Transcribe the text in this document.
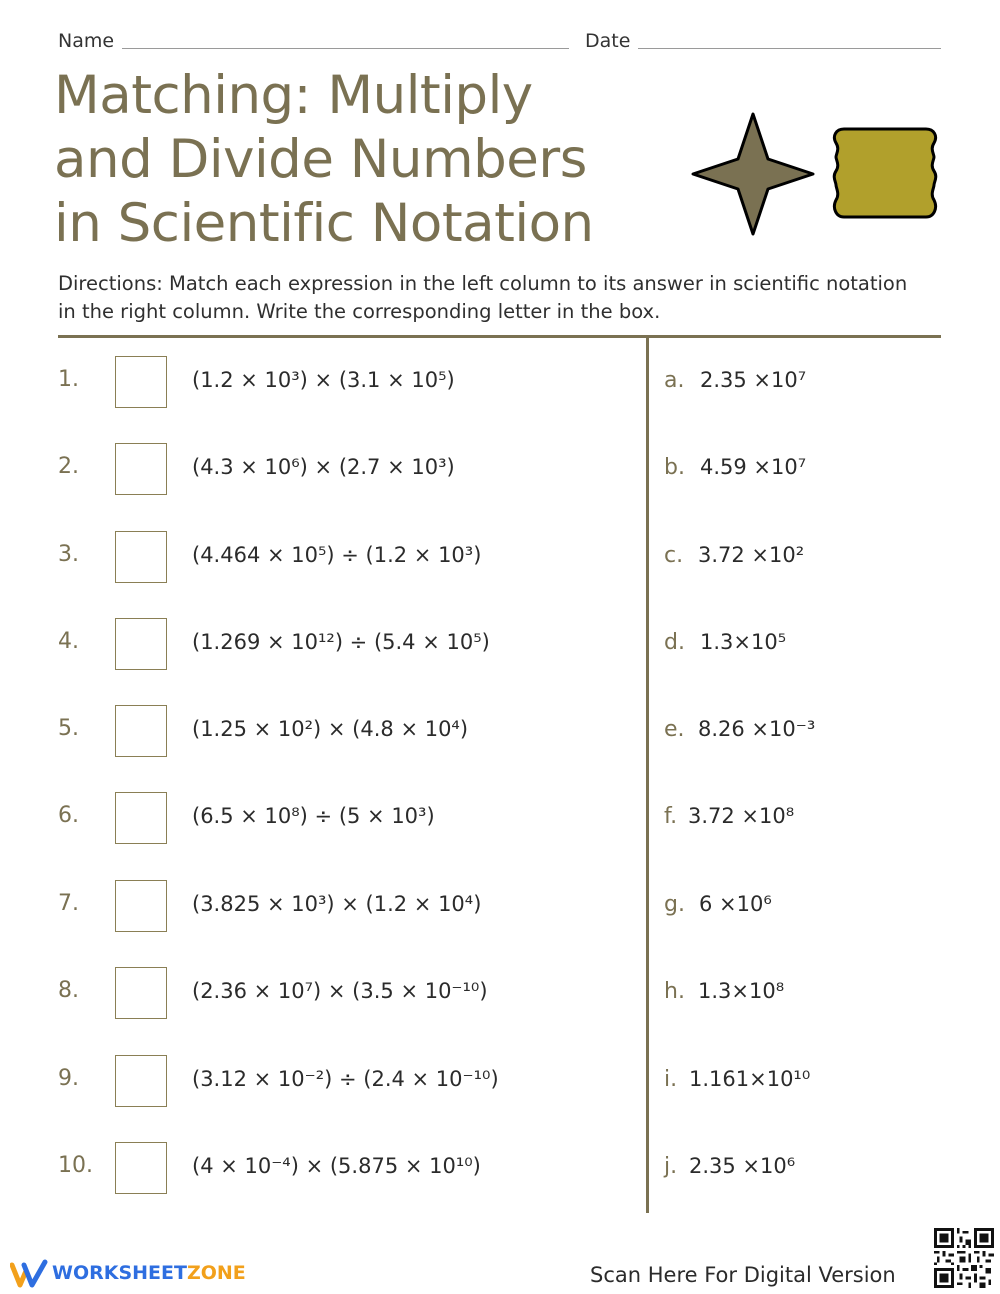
Name	Date
Matching: Multiply
and Divide Numbers
in Scientific Notation
Directions: Match each expression in the left column to its answer in scientific notation
in the right column. Write the corresponding letter in the box.
1.	(1.2 × 10³) × (3.1 × 10⁵)
2.	(4.3 × 10⁶) × (2.7 × 10³)
3.	(4.464 × 10⁵) ÷ (1.2 × 10³)
4.	(1.269 × 10¹²) ÷ (5.4 × 10⁵)
5.	(1.25 × 10²) × (4.8 × 10⁴)
6.	(6.5 × 10⁸) ÷ (5 × 10³)
7.	(3.825 × 10³) × (1.2 × 10⁴)
8.	(2.36 × 10⁷) × (3.5 × 10⁻¹⁰)
9.	(3.12 × 10⁻²) ÷ (2.4 × 10⁻¹⁰)
10.	(4 × 10⁻⁴) × (5.875 × 10¹⁰)
a. 2.35 ×10⁷
b. 4.59 ×10⁷
c. 3.72 ×10²
d. 1.3×10⁵
e. 8.26 ×10⁻³
f. 3.72 ×10⁸
g. 6 ×10⁶
h. 1.3×10⁸
i. 1.161×10¹⁰
j. 2.35 ×10⁶
WORKSHEETZONE	Scan Here For Digital Version
